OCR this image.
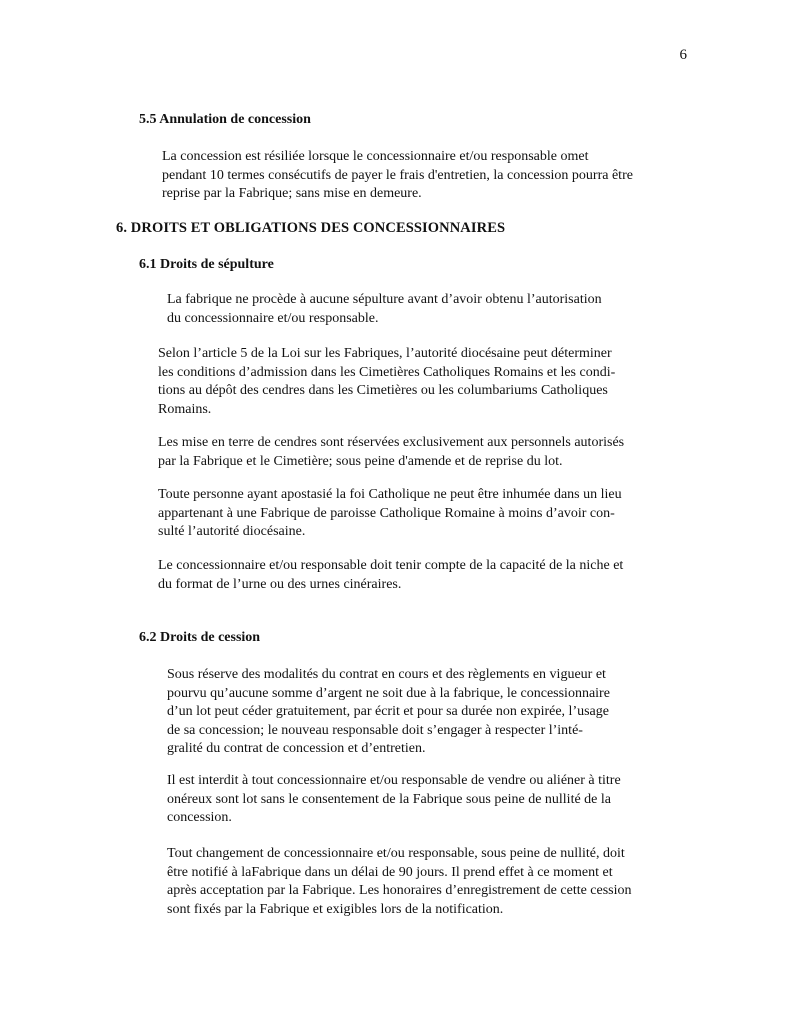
6
5.5 Annulation de concession
La concession est résiliée lorsque le concessionnaire et/ou responsable omet
pendant 10 termes consécutifs de payer le frais d'entretien, la concession pourra être
reprise par la Fabrique; sans mise en demeure.
6. DROITS ET OBLIGATIONS DES CONCESSIONNAIRES
6.1 Droits de sépulture
La fabrique ne procède à aucune sépulture avant d’avoir obtenu l’autorisation
du concessionnaire et/ou responsable.
Selon l’article 5 de la Loi sur les Fabriques, l’autorité diocésaine peut déterminer
les conditions d’admission dans les Cimetières Catholiques Romains et les condi-
tions au dépôt des cendres dans les Cimetières ou les columbariums Catholiques
Romains.
Les mise en terre de cendres sont réservées exclusivement aux personnels autorisés
par la Fabrique et le Cimetière; sous peine d'amende et de reprise du lot.
Toute personne ayant apostasié la foi Catholique ne peut être inhumée dans un lieu
appartenant à une Fabrique de paroisse Catholique Romaine à moins d’avoir con-
sulté l’autorité diocésaine.
Le concessionnaire et/ou responsable doit tenir compte de la capacité de la niche et
du format de l’urne ou des urnes cinéraires.
6.2 Droits de cession
Sous réserve des modalités du contrat en cours et des règlements en vigueur et
pourvu qu’aucune somme d’argent ne soit due à la fabrique, le concessionnaire
d’un lot peut céder gratuitement, par écrit et pour sa durée non expirée, l’usage
de sa concession; le nouveau responsable doit s’engager à respecter l’inté-
gralité du contrat de concession et d’entretien.
Il est interdit à tout concessionnaire et/ou responsable de vendre ou aliéner à titre
onéreux sont lot sans le consentement de la Fabrique sous peine de nullité de la
concession.
Tout changement de concessionnaire et/ou responsable, sous peine de nullité, doit
être notifié à laFabrique dans un délai de 90 jours. Il prend effet à ce moment et
après acceptation par la Fabrique. Les honoraires d’enregistrement de cette cession
sont fixés par la Fabrique et exigibles lors de la notification.
